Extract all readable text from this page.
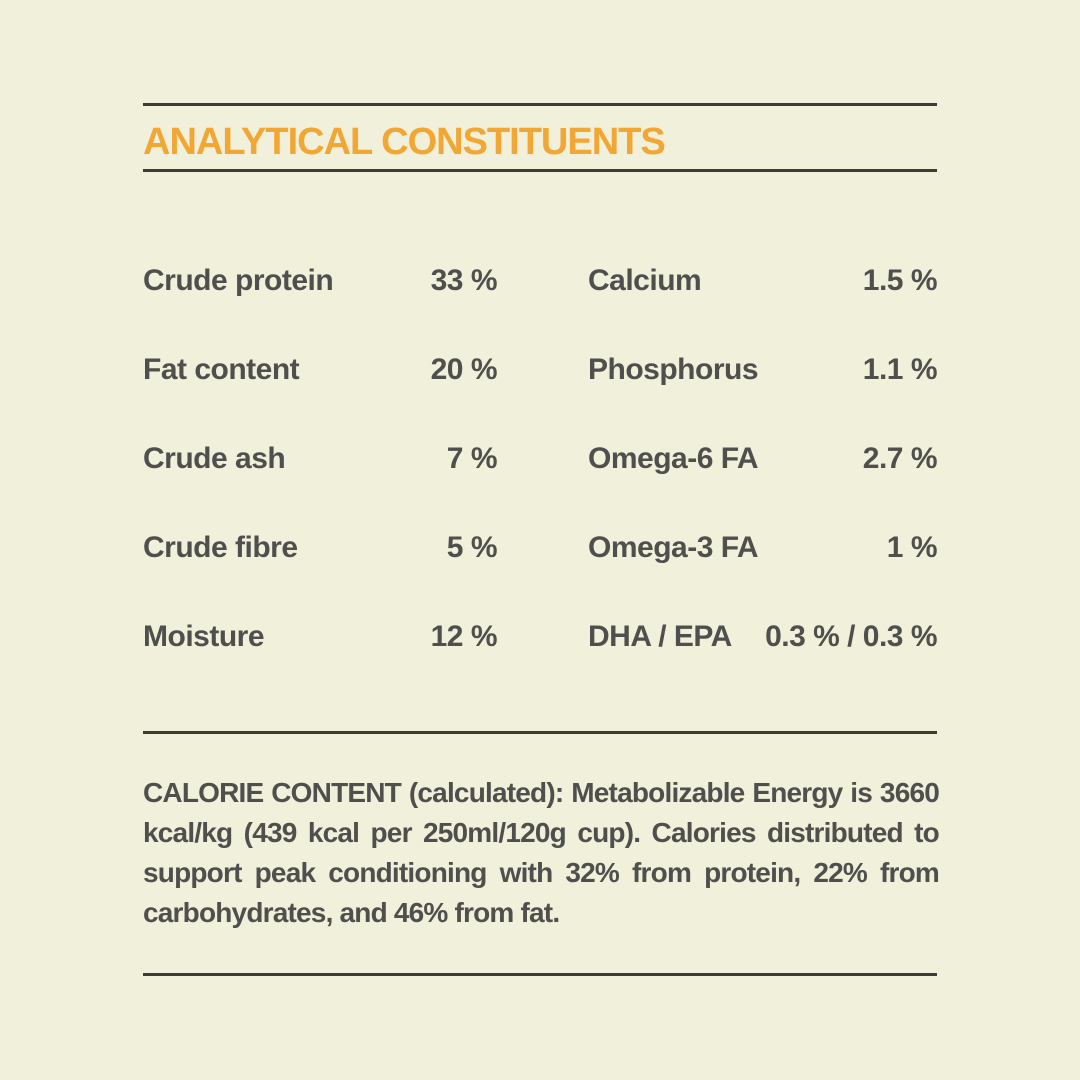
ANALYTICAL CONSTITUENTS
Crude protein	33 %	Calcium	1.5 %
Fat content	20 %	Phosphorus	1.1 %
Crude ash	7 %	Omega-6 FA	2.7 %
Crude fibre	5 %	Omega-3 FA	1 %
Moisture	12 %	DHA / EPA 0.3 % / 0.3 %

CALORIE CONTENT (calculated): Metabolizable Energy is 3660 kcal/kg (439 kcal per 250ml/120g cup). Calories distributed to support peak conditioning with 32% from protein, 22% from carbohydrates, and 46% from fat.
